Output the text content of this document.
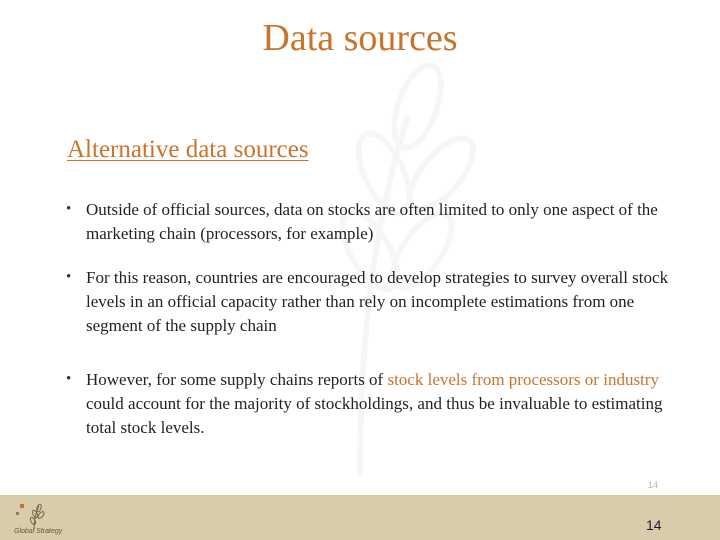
Data sources
Alternative data sources
• Outside of official sources, data on stocks are often limited to only one aspect of the marketing chain (processors, for example)
• For this reason, countries are encouraged to develop strategies to survey overall stock levels in an official capacity rather than rely on incomplete estimations from one segment of the supply chain
• However, for some supply chains reports of stock levels from processors or industry could account for the majority of stockholdings, and thus be invaluable to estimating total stock levels.
Global Strategy
14
14
